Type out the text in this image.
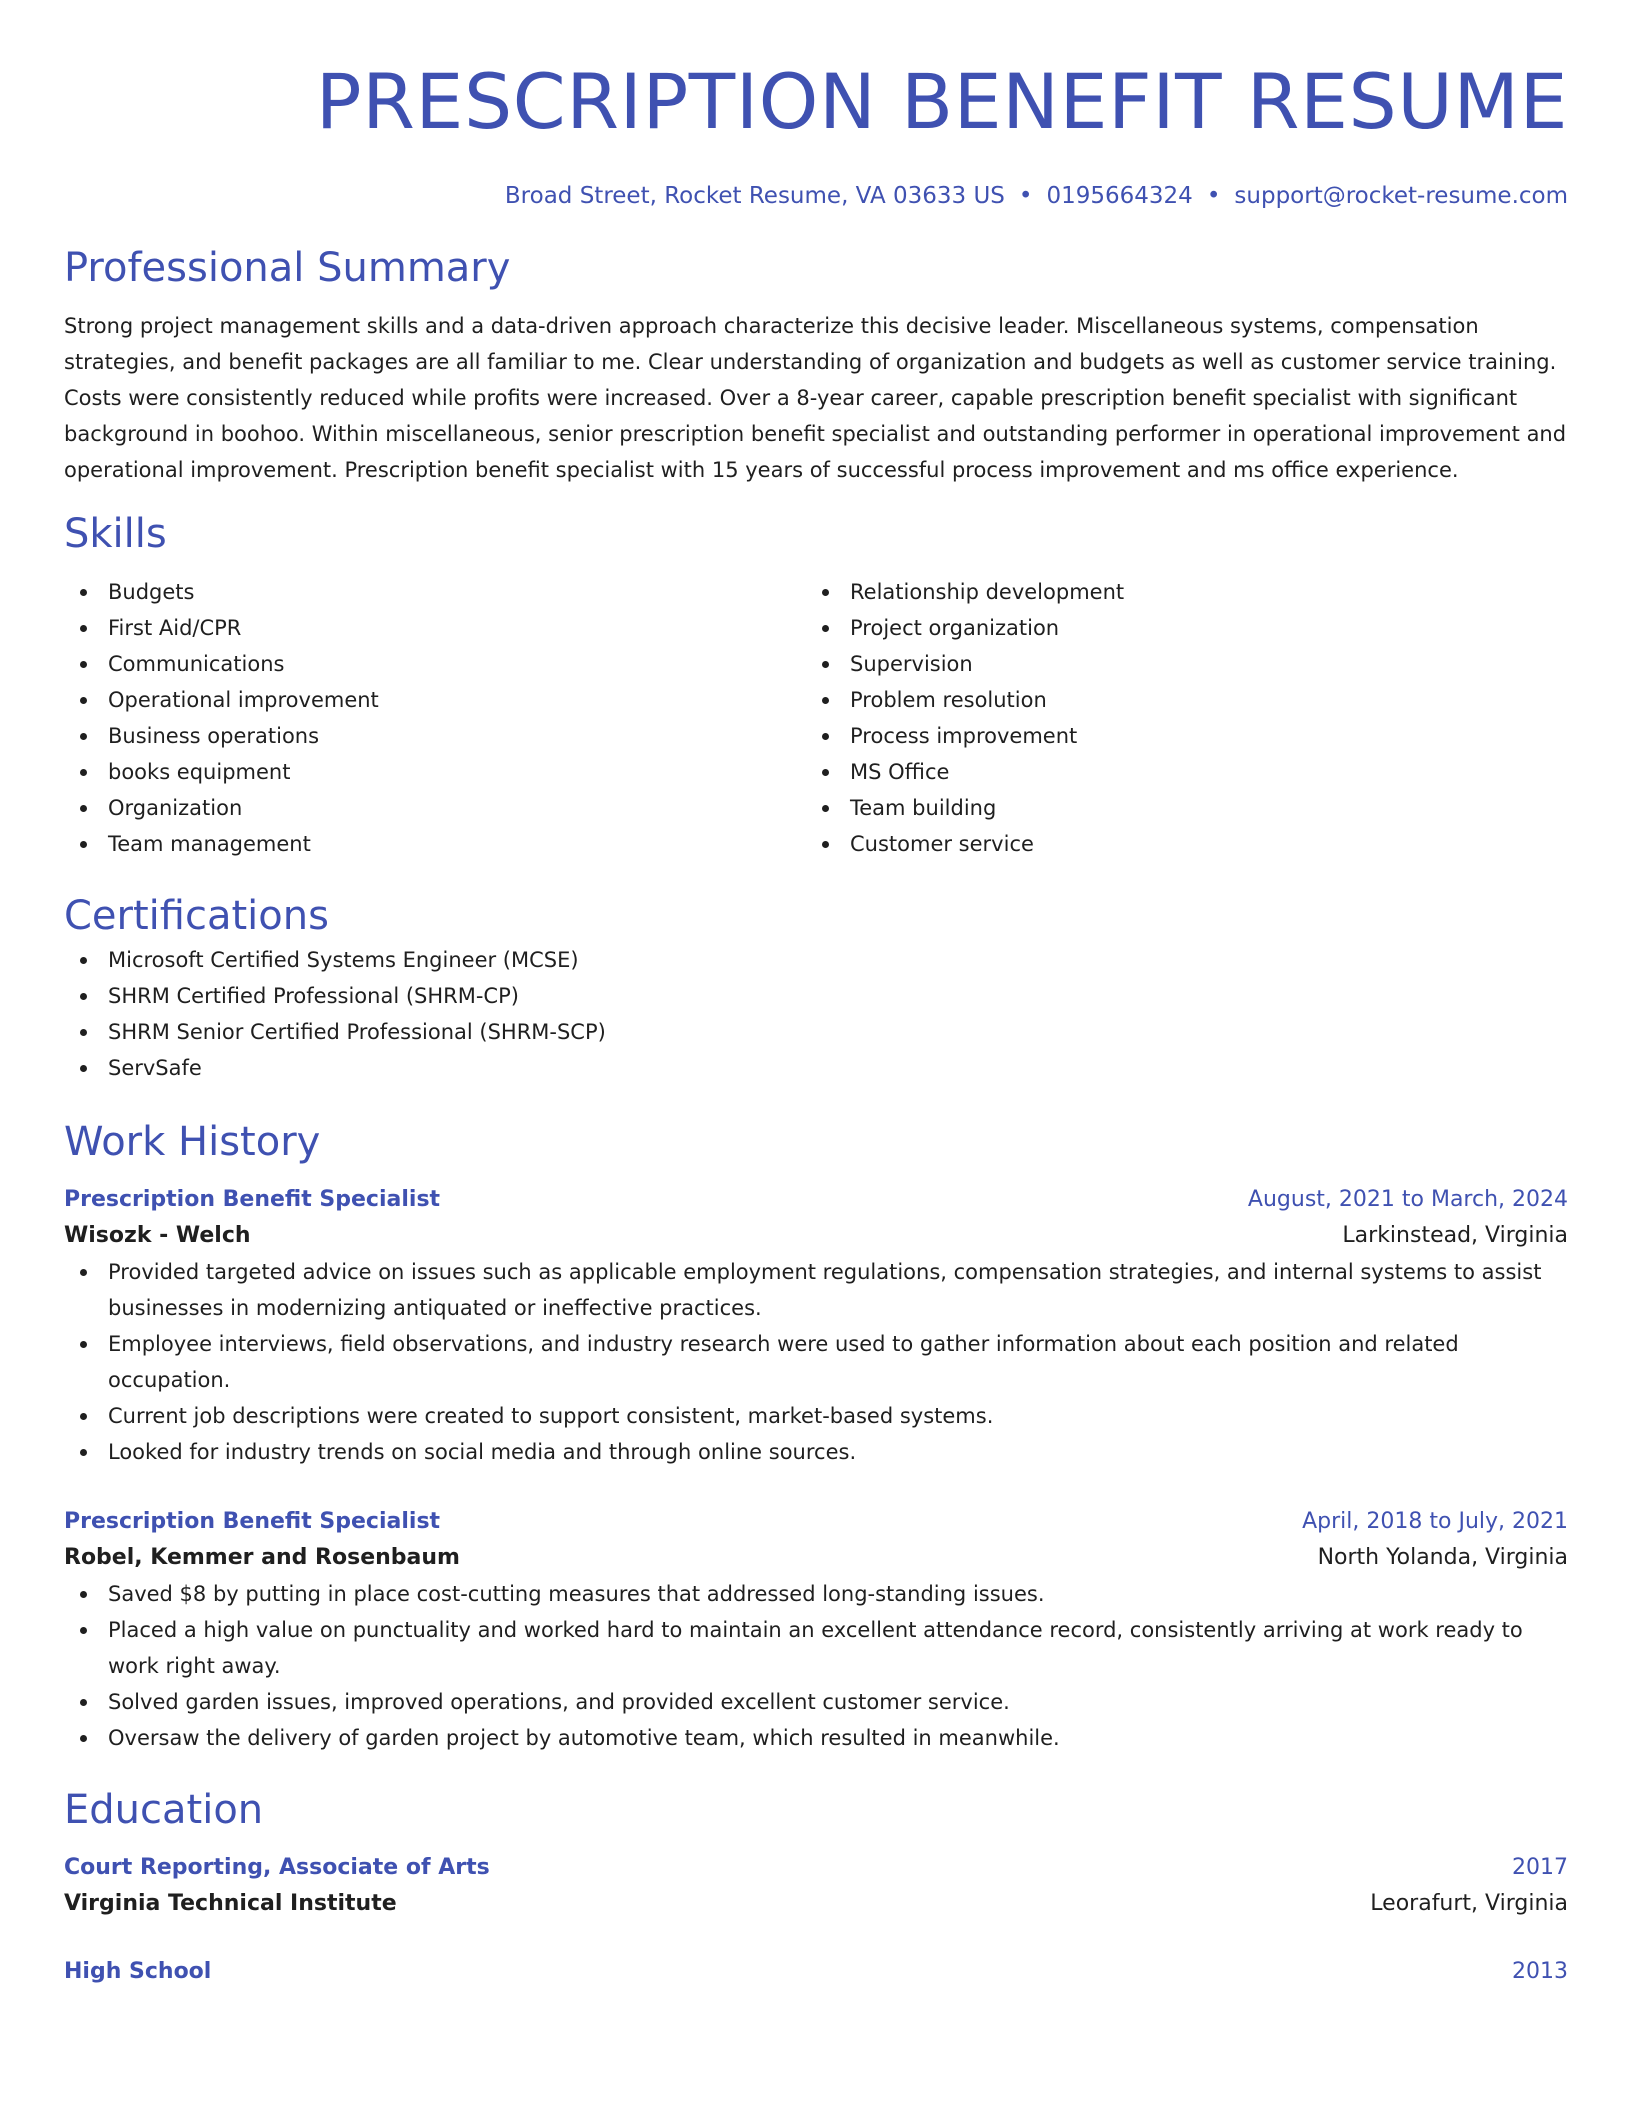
PRESCRIPTION BENEFIT RESUME
Broad Street, Rocket Resume, VA 03633 US • 0195664324 • support@rocket-resume.com
Professional Summary
Strong project management skills and a data-driven approach characterize this decisive leader. Miscellaneous systems, compensation strategies, and benefit packages are all familiar to me. Clear understanding of organization and budgets as well as customer service training. Costs were consistently reduced while profits were increased. Over a 8-year career, capable prescription benefit specialist with significant background in boohoo. Within miscellaneous, senior prescription benefit specialist and outstanding performer in operational improvement and operational improvement. Prescription benefit specialist with 15 years of successful process improvement and ms office experience.
Skills
Budgets
First Aid/CPR
Communications
Operational improvement
Business operations
books equipment
Organization
Team management
Relationship development
Project organization
Supervision
Problem resolution
Process improvement
MS Office
Team building
Customer service
Certifications
Microsoft Certified Systems Engineer (MCSE)
SHRM Certified Professional (SHRM-CP)
SHRM Senior Certified Professional (SHRM-SCP)
ServSafe
Work History
Prescription Benefit Specialist	August, 2021 to March, 2024
Wisozk - Welch	Larkinstead, Virginia
Provided targeted advice on issues such as applicable employment regulations, compensation strategies, and internal systems to assist businesses in modernizing antiquated or ineffective practices.
Employee interviews, field observations, and industry research were used to gather information about each position and related occupation.
Current job descriptions were created to support consistent, market-based systems.
Looked for industry trends on social media and through online sources.
Prescription Benefit Specialist	April, 2018 to July, 2021
Robel, Kemmer and Rosenbaum	North Yolanda, Virginia
Saved $8 by putting in place cost-cutting measures that addressed long-standing issues.
Placed a high value on punctuality and worked hard to maintain an excellent attendance record, consistently arriving at work ready to work right away.
Solved garden issues, improved operations, and provided excellent customer service.
Oversaw the delivery of garden project by automotive team, which resulted in meanwhile.
Education
Court Reporting, Associate of Arts	2017
Virginia Technical Institute	Leorafurt, Virginia
High School	2013
